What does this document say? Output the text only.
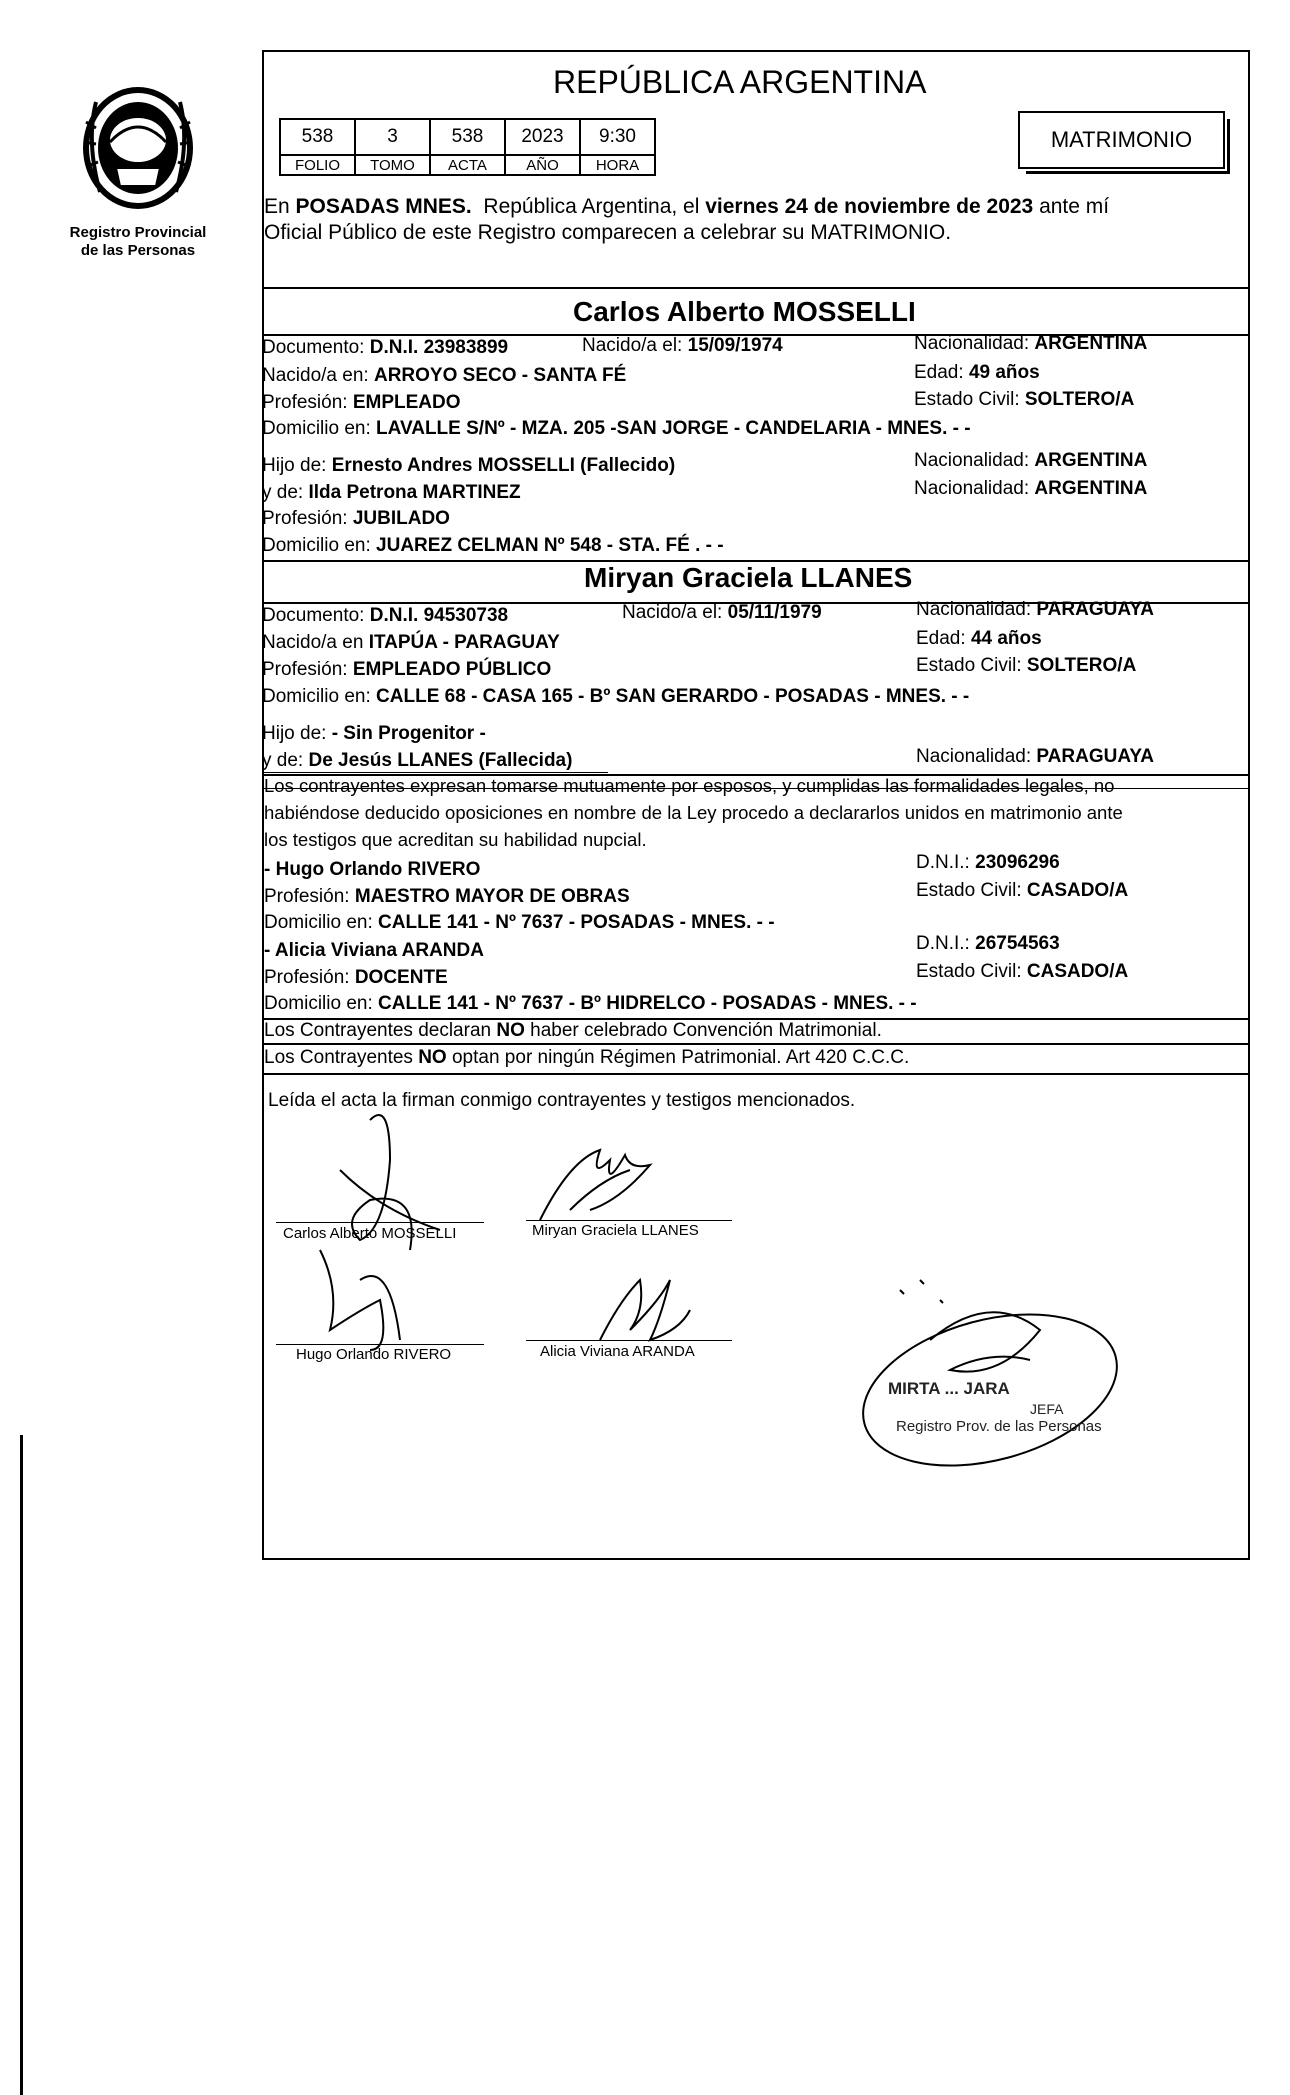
Registro Provincial
de las Personas
REPÚBLICA ARGENTINA
538	3	538	2023	9:30
FOLIO	TOMO	ACTA	AÑO	HORA
MATRIMONIO
En POSADAS MNES.  República Argentina, el viernes 24 de noviembre de 2023 ante mí
Oficial Público de este Registro comparecen a celebrar su MATRIMONIO.
Carlos Alberto MOSSELLI
Documento: D.N.I. 23983899	Nacido/a el: 15/09/1974	Nacionalidad: ARGENTINA
Nacido/a en: ARROYO SECO - SANTA FÉ	Edad: 49 años
Profesión: EMPLEADO	Estado Civil: SOLTERO/A
Domicilio en: LAVALLE S/Nº - MZA. 205 -SAN JORGE - CANDELARIA - MNES. - -
Hijo de: Ernesto Andres MOSSELLI (Fallecido)	Nacionalidad: ARGENTINA
y de: Ilda Petrona MARTINEZ	Nacionalidad: ARGENTINA
Profesión: JUBILADO
Domicilio en: JUAREZ CELMAN Nº 548 - STA. FÉ . - -
Miryan Graciela LLANES
Documento: D.N.I. 94530738	Nacido/a el: 05/11/1979	Nacionalidad: PARAGUAYA
Nacido/a en ITAPÚA - PARAGUAY	Edad: 44 años
Profesión: EMPLEADO PÚBLICO	Estado Civil: SOLTERO/A
Domicilio en: CALLE 68 - CASA 165 - Bº SAN GERARDO - POSADAS - MNES. - -
Hijo de: - Sin Progenitor -
y de: De Jesús LLANES (Fallecida)	Nacionalidad: PARAGUAYA
Los contrayentes expresan tomarse mutuamente por esposos, y cumplidas las formalidades legales, no
habiéndose deducido oposiciones en nombre de la Ley procedo a declararlos unidos en matrimonio ante
los testigos que acreditan su habilidad nupcial.
- Hugo Orlando RIVERO	D.N.I.: 23096296
Profesión: MAESTRO MAYOR DE OBRAS	Estado Civil: CASADO/A
Domicilio en: CALLE 141 - Nº 7637 - POSADAS - MNES. - -
- Alicia Viviana ARANDA	D.N.I.: 26754563
Profesión: DOCENTE	Estado Civil: CASADO/A
Domicilio en: CALLE 141 - Nº 7637 - Bº HIDRELCO - POSADAS - MNES. - -
Los Contrayentes declaran NO haber celebrado Convención Matrimonial.
Los Contrayentes NO optan por ningún Régimen Patrimonial. Art 420 C.C.C.
Leída el acta la firman conmigo contrayentes y testigos mencionados.
Carlos Alberto MOSSELLI	Miryan Graciela LLANES
Hugo Orlando RIVERO	Alicia Viviana ARANDA
MIRTA ... JARA
JEFA
Registro Prov. de las Personas
